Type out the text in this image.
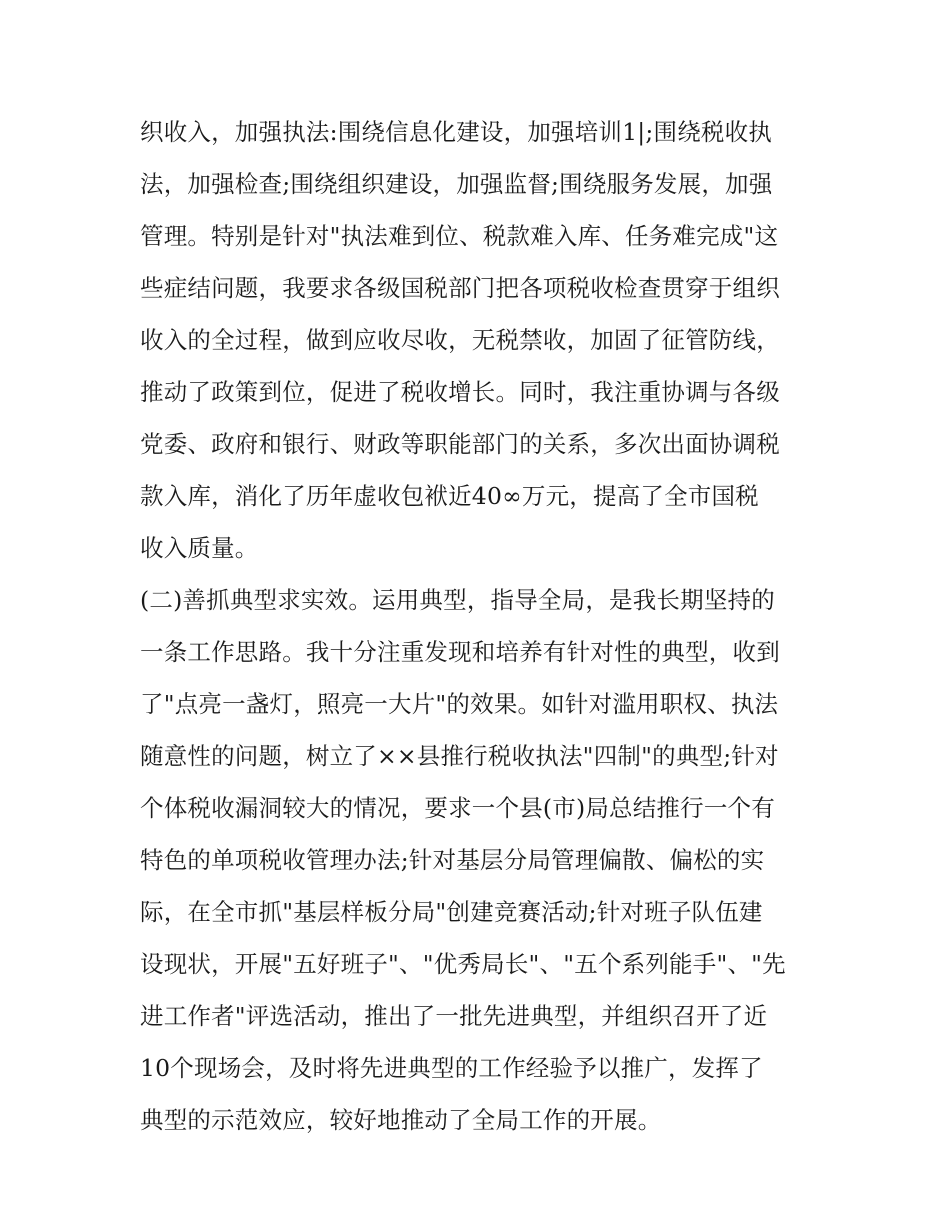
织收入，加强执法:围绕信息化建设，加强培训1|;围绕税收执
法，加强检查;围绕组织建设，加强监督;围绕服务发展，加强
管理。特别是针对"执法难到位、税款难入库、任务难完成"这
些症结问题，我要求各级国税部门把各项税收检查贯穿于组织
收入的全过程，做到应收尽收，无税禁收，加固了征管防线，
推动了政策到位，促进了税收增长。同时，我注重协调与各级
党委、政府和银行、财政等职能部门的关系，多次出面协调税
款入库，消化了历年虚收包袱近40∞万元，提高了全市国税
收入质量。
(二)善抓典型求实效。运用典型，指导全局，是我长期坚持的
一条工作思路。我十分注重发现和培养有针对性的典型，收到
了"点亮一盏灯，照亮一大片"的效果。如针对滥用职权、执法
随意性的问题，树立了××县推行税收执法"四制"的典型;针对
个体税收漏洞较大的情况，要求一个县(市)局总结推行一个有
特色的单项税收管理办法;针对基层分局管理偏散、偏松的实
际，在全市抓"基层样板分局"创建竞赛活动;针对班子队伍建
设现状，开展"五好班子"、"优秀局长"、"五个系列能手"、"先
进工作者"评选活动，推出了一批先进典型，并组织召开了近
10个现场会，及时将先进典型的工作经验予以推广，发挥了
典型的示范效应，较好地推动了全局工作的开展。
